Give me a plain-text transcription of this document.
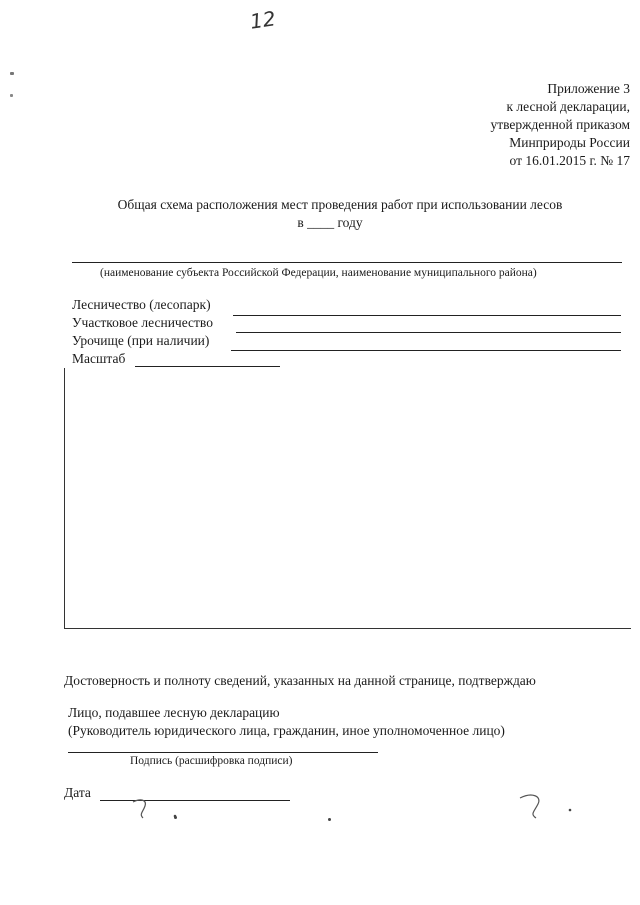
12
Приложение 3
к лесной декларации,
утвержденной приказом
Минприроды России
от 16.01.2015 г. № 17
Общая схема расположения мест проведения работ при использовании лесов
в ____ году
(наименование субъекта Российской Федерации, наименование муниципального района)
Лесничество (лесопарк)
Участковое лесничество
Урочище (при наличии)
Масштаб
Достоверность и полноту сведений, указанных на данной странице, подтверждаю
Лицо, подавшее лесную декларацию
(Руководитель юридического лица, гражданин, иное уполномоченное лицо)
Подпись (расшифровка подписи)
Дата
